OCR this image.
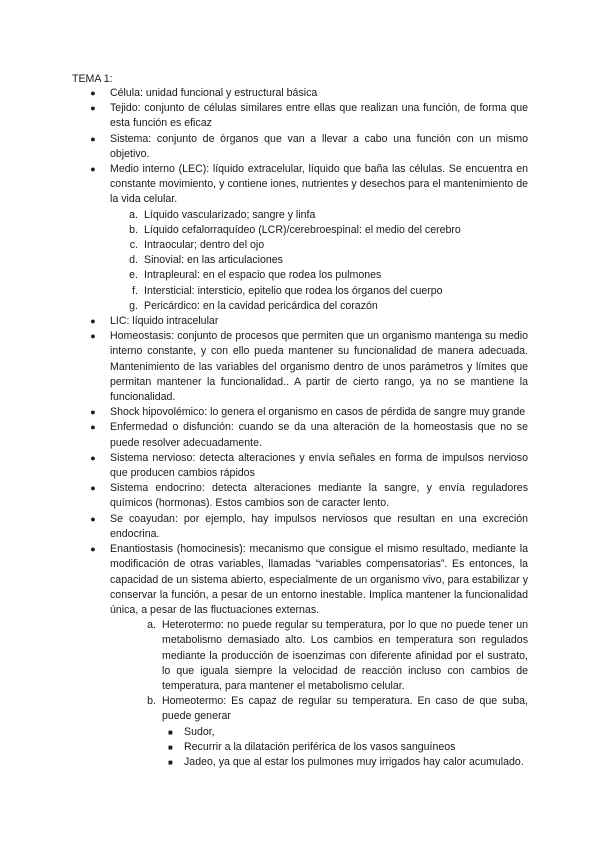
TEMA 1:
● Célula: unidad funcional y estructural básica
● Tejido: conjunto de células similares entre ellas que realizan una función, de forma que esta función es eficaz
● Sistema: conjunto de órganos que van a llevar a cabo una función con un mismo objetivo.
● Medio interno (LEC): líquido extracelular, líquido que baña las células. Se encuentra en constante movimiento, y contiene iones, nutrientes y desechos para el mantenimiento de la vida celular.
a. Líquido vascularizado; sangre y linfa
b. Líquido cefalorraquídeo (LCR)/cerebroespinal: el medio del cerebro
c. Intraocular; dentro del ojo
d. Sinovial: en las articulaciones
e. Intrapleural: en el espacio que rodea los pulmones
f. Intersticial: intersticio, epitelio que rodea los órganos del cuerpo
g. Pericárdico: en la cavidad pericárdica del corazón
● LIC: líquido intracelular
● Homeostasis: conjunto de procesos que permiten que un organismo mantenga su medio interno constante, y con ello pueda mantener su funcionalidad de manera adecuada. Mantenimiento de las variables del organismo dentro de unos parámetros y límites que permitan mantener la funcionalidad.. A partir de cierto rango, ya no se mantiene la funcionalidad.
● Shock hipovolémico: lo genera el organismo en casos de pérdida de sangre muy grande
● Enfermedad o disfunción: cuando se da una alteración de la homeostasis que no se puede resolver adecuadamente.
● Sistema nervioso: detecta alteraciones y envía señales en forma de impulsos nervioso que producen cambios rápidos
● Sistema endocrino: detecta alteraciones mediante la sangre, y envía reguladores químicos (hormonas). Estos cambios son de caracter lento.
● Se coayudan: por ejemplo, hay impulsos nerviosos que resultan en una excreción endocrina.
● Enantiostasis (homocinesis): mecanismo que consigue el mismo resultado, mediante la modificación de otras variables, llamadas “variables compensatorias”. Es entonces, la capacidad de un sistema abierto, especialmente de un organismo vivo, para estabilizar y conservar la función, a pesar de un entorno inestable. Implica mantener la funcionalidad única, a pesar de las fluctuaciones externas.
a. Heterotermo: no puede regular su temperatura, por lo que no puede tener un metabolismo demasiado alto. Los cambios en temperatura son regulados mediante la producción de isoenzimas con diferente afinidad por el sustrato, lo que iguala siempre la velocidad de reacción incluso con cambios de temperatura, para mantener el metabolismo celular.
b. Homeotermo: Es capaz de regular su temperatura. En caso de que suba, puede generar
■ Sudor,
■ Recurrir a la dilatación periférica de los vasos sanguíneos
■ Jadeo, ya que al estar los pulmones muy irrigados hay calor acumulado.
